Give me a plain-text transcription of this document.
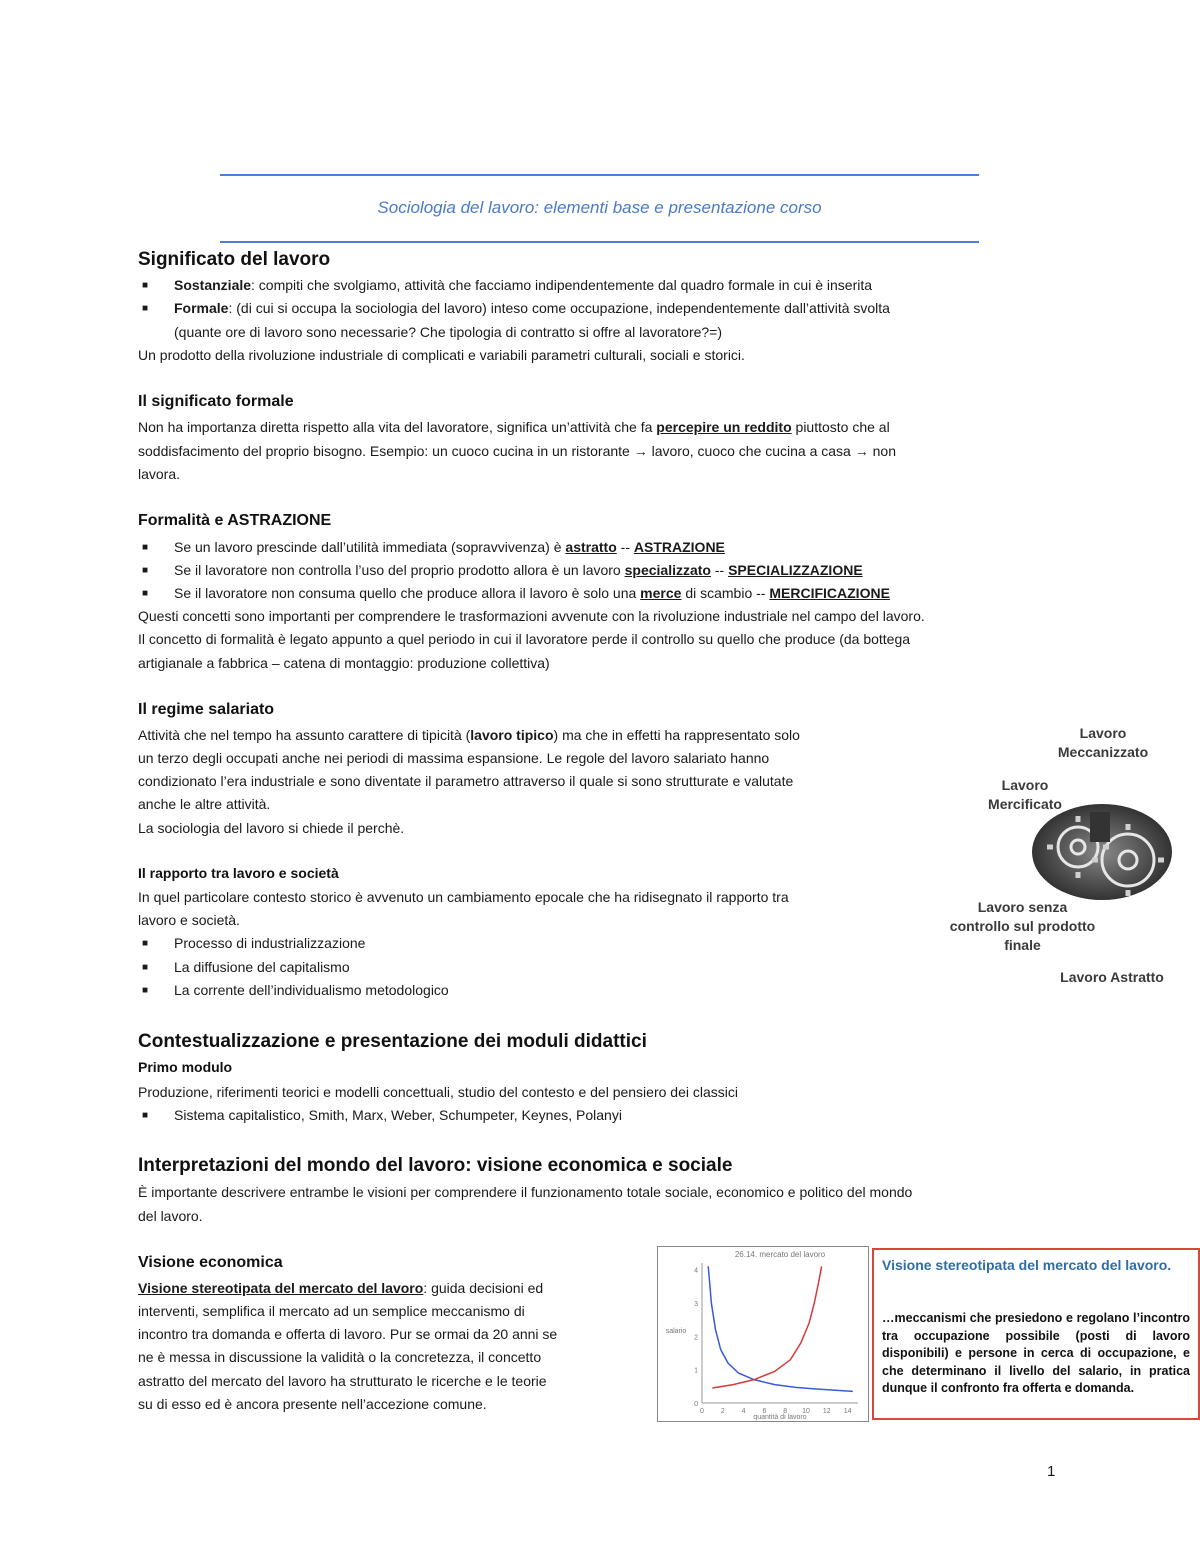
Sociologia del lavoro: elementi base e presentazione corso
Significato del lavoro
■ Sostanziale: compiti che svolgiamo, attività che facciamo indipendentemente dal quadro formale in cui è inserita
■ Formale: (di cui si occupa la sociologia del lavoro) inteso come occupazione, independentemente dall’attività svolta
(quante ore di lavoro sono necessarie? Che tipologia di contratto si offre al lavoratore?=)
Un prodotto della rivoluzione industriale di complicati e variabili parametri culturali, sociali e storici.
Il significato formale
Non ha importanza diretta rispetto alla vita del lavoratore, significa un’attività che fa percepire un reddito piuttosto che al
soddisfacimento del proprio bisogno. Esempio: un cuoco cucina in un ristorante → lavoro, cuoco che cucina a casa → non
lavora.
Formalità e ASTRAZIONE
■ Se un lavoro prescinde dall’utilità immediata (sopravvivenza) è astratto -- ASTRAZIONE
■ Se il lavoratore non controlla l’uso del proprio prodotto allora è un lavoro specializzato -- SPECIALIZZAZIONE
■ Se il lavoratore non consuma quello che produce allora il lavoro è solo una merce di scambio -- MERCIFICAZIONE
Questi concetti sono importanti per comprendere le trasformazioni avvenute con la rivoluzione industriale nel campo del lavoro.
Il concetto di formalità è legato appunto a quel periodo in cui il lavoratore perde il controllo su quello che produce (da bottega
artigianale a fabbrica – catena di montaggio: produzione collettiva)
Il regime salariato
Attività che nel tempo ha assunto carattere di tipicità (lavoro tipico) ma che in effetti ha rappresentato solo
un terzo degli occupati anche nei periodi di massima espansione. Le regole del lavoro salariato hanno
condizionato l’era industriale e sono diventate il parametro attraverso il quale si sono strutturate e valutate
anche le altre attività.
La sociologia del lavoro si chiede il perchè.
Il rapporto tra lavoro e società
In quel particolare contesto storico è avvenuto un cambiamento epocale che ha ridisegnato il rapporto tra
lavoro e società.
■ Processo di industrializzazione
■ La diffusione del capitalismo
■ La corrente dell’individualismo metodologico
Lavoro
Meccanizzato
Lavoro
Mercificato
Lavoro senza
controllo sul prodotto
finale
Lavoro Astratto
Contestualizzazione e presentazione dei moduli didattici
Primo modulo
Produzione, riferimenti teorici e modelli concettuali, studio del contesto e del pensiero dei classici
■ Sistema capitalistico, Smith, Marx, Weber, Schumpeter, Keynes, Polanyi
Interpretazioni del mondo del lavoro: visione economica e sociale
È importante descrivere entrambe le visioni per comprendere il funzionamento totale sociale, economico e politico del mondo
del lavoro.
Visione economica
Visione stereotipata del mercato del lavoro: guida decisioni ed
interventi, semplifica il mercato ad un semplice meccanismo di
incontro tra domanda e offerta di lavoro. Pur se ormai da 20 anni se
ne è messa in discussione la validità o la concretezza, il concetto
astratto del mercato del lavoro ha strutturato le ricerche e le teorie
su di esso ed è ancora presente nell’accezione comune.
26.14. mercato del lavoro
0 2 4 6 8 10 12 14
0
1
2
3
4
quantità di lavoro
salario
Visione stereotipata del mercato del lavoro.
…meccanismi che presiedono e regolano l’incontro tra occupazione possibile (posti di lavoro disponibili) e persone in cerca di occupazione, e che determinano il livello del salario, in pratica dunque il confronto fra offerta e domanda.
1
